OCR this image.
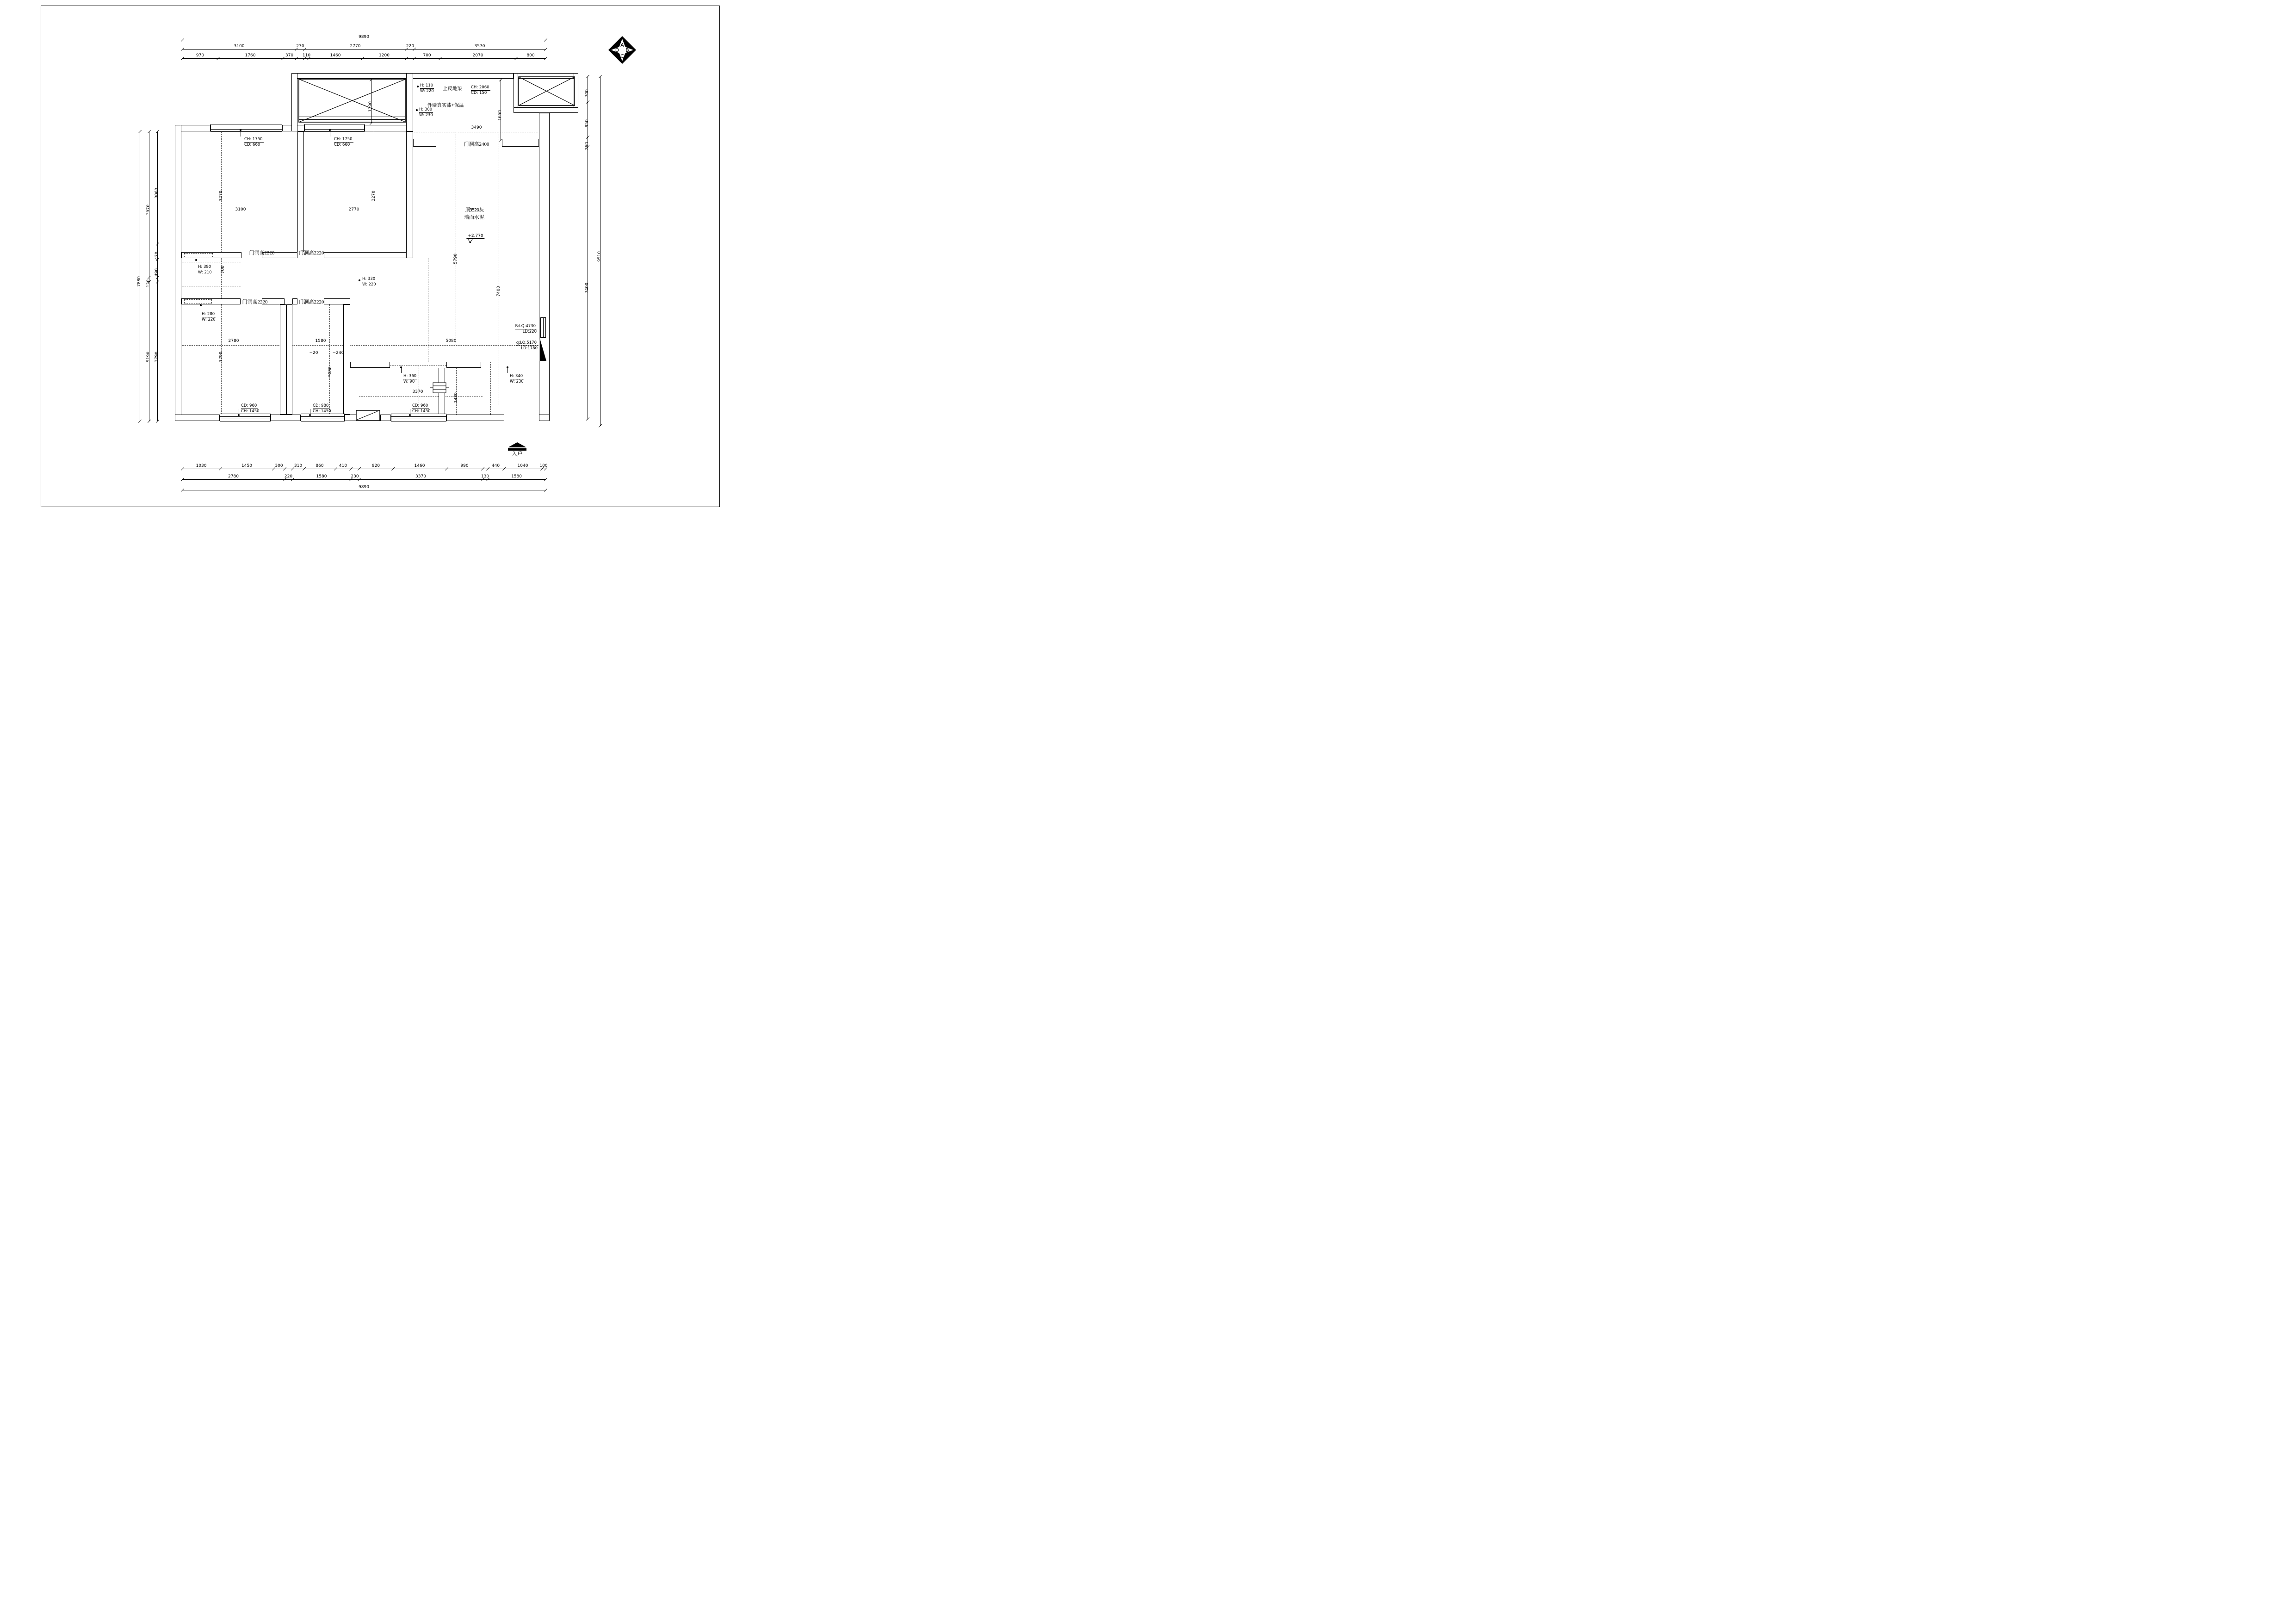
A
B
C
D
入户
顶3520灰
墙面水泥
+2.770
9890
3100	230	2770	220	3570
970	1760	370 110	1460	1200	700	2070	800
1030	1450	300	310	860	410	920	1460	990	440	1040	100
2780	220	1580	230	3370	130	1580
9890
7880
3970
120
5190
3060
420
490
3790
700
950
260
7400
9510
1190
1650
3490
3100	2770
3270	3270
5790
7400
700
2780	1580	5080
3790
3080
3370
1480
−20	−240
门洞高2400
门洞高2220	门洞高2220
门洞高2220	门洞高2220
H: 110
W: 220
CH: 2060
CD: 150
H: 300
W: 230
CH: 1750
CD: 660
CH: 1750
CD: 660
H: 380
W: 210
H: 330
W: 220
H: 280
W: 220
H: 360
W: 90
H: 340
W: 230
CD: 960
CH: 1450
CD: 980
CH: 1450
CD: 960
CH: 1450
R:LQ:4730
LD:220
q:LQ:5170
LD:1780
上反地梁
外墙真实漆+保温
